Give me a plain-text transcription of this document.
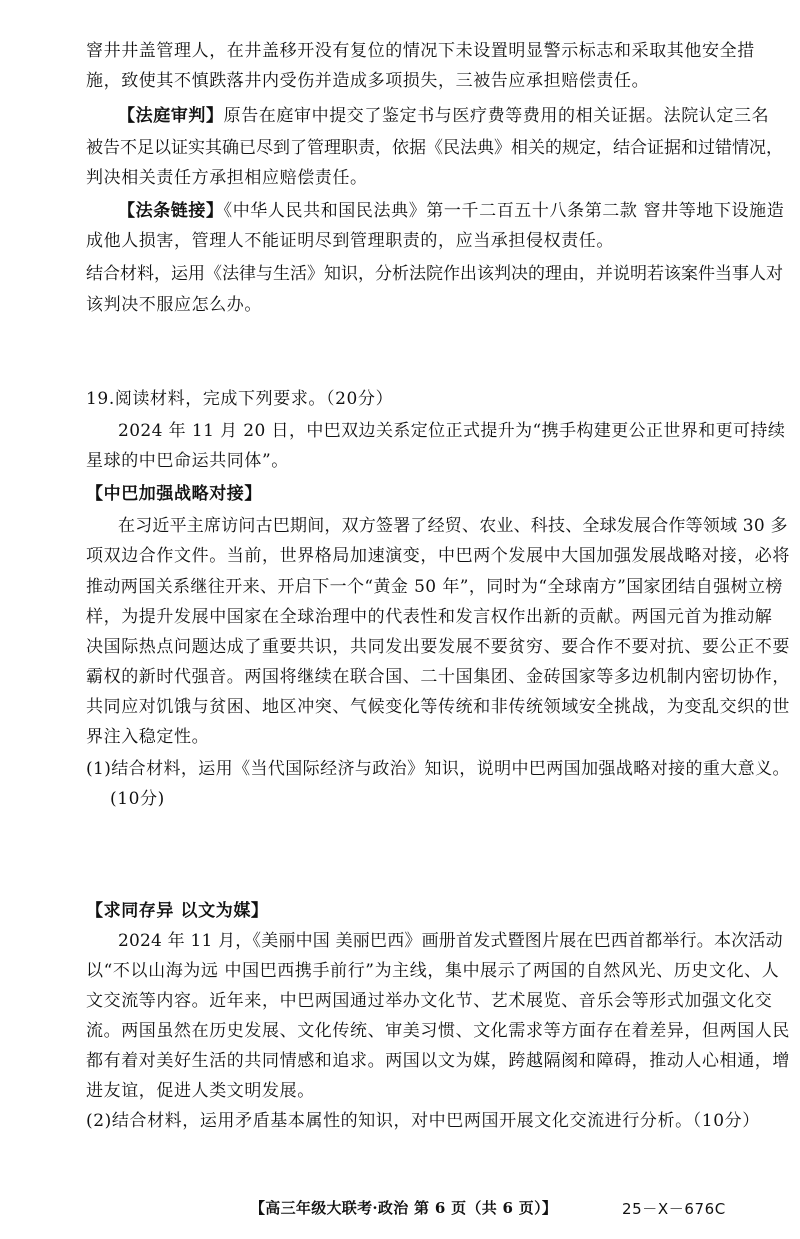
窨井井盖管理人，在井盖移开没有复位的情况下未设置明显警示标志和采取其他安全措
施，致使其不慎跌落井内受伤并造成多项损失，三被告应承担赔偿责任。
【法庭审判】原告在庭审中提交了鉴定书与医疗费等费用的相关证据。法院认定三名
被告不足以证实其确已尽到了管理职责，依据《民法典》相关的规定，结合证据和过错情况，
判决相关责任方承担相应赔偿责任。
【法条链接】《中华人民共和国民法典》第一千二百五十八条第二款 窨井等地下设施造
成他人损害，管理人不能证明尽到管理职责的，应当承担侵权责任。
结合材料，运用《法律与生活》知识，分析法院作出该判决的理由，并说明若该案件当事人对
该判决不服应怎么办。
19.阅读材料，完成下列要求。（20分）
2024 年 11 月 20 日，中巴双边关系定位正式提升为“携手构建更公正世界和更可持续
星球的中巴命运共同体”。
【中巴加强战略对接】
在习近平主席访问古巴期间，双方签署了经贸、农业、科技、全球发展合作等领域 30 多
项双边合作文件。当前，世界格局加速演变，中巴两个发展中大国加强发展战略对接，必将
推动两国关系继往开来、开启下一个“黄金 50 年”，同时为“全球南方”国家团结自强树立榜
样，为提升发展中国家在全球治理中的代表性和发言权作出新的贡献。两国元首为推动解
决国际热点问题达成了重要共识，共同发出要发展不要贫穷、要合作不要对抗、要公正不要
霸权的新时代强音。两国将继续在联合国、二十国集团、金砖国家等多边机制内密切协作，
共同应对饥饿与贫困、地区冲突、气候变化等传统和非传统领域安全挑战，为变乱交织的世
界注入稳定性。
(1)结合材料，运用《当代国际经济与政治》知识，说明中巴两国加强战略对接的重大意义。
(10分)
【求同存异 以文为媒】
2024 年 11 月，《美丽中国 美丽巴西》画册首发式暨图片展在巴西首都举行。本次活动
以“不以山海为远 中国巴西携手前行”为主线，集中展示了两国的自然风光、历史文化、人
文交流等内容。近年来，中巴两国通过举办文化节、艺术展览、音乐会等形式加强文化交
流。两国虽然在历史发展、文化传统、审美习惯、文化需求等方面存在着差异，但两国人民
都有着对美好生活的共同情感和追求。两国以文为媒，跨越隔阂和障碍，推动人心相通，增
进友谊，促进人类文明发展。
(2)结合材料，运用矛盾基本属性的知识，对中巴两国开展文化交流进行分析。（10分）
【高三年级大联考·政治 第 6 页（共 6 页）】	25－X－676C
